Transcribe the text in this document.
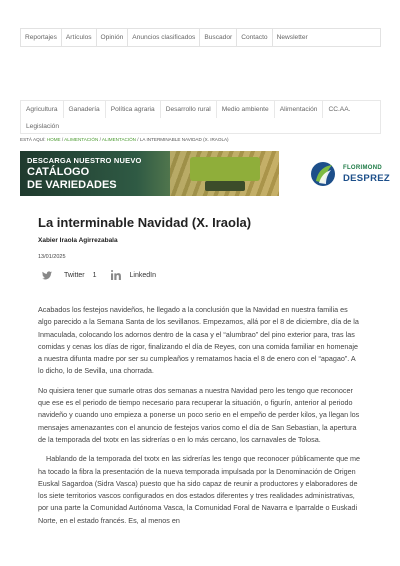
Reportajes	Artículos	Opinión	Anuncios clasificados	Buscador	Contacto	Newsletter
Agricultura	Ganadería	Política agraria	Desarrollo rural	Medio ambiente	Alimentación	CC.AA.
Legislación
ESTÁ AQUÍ: HOME / ALIMENTACIÓN / ALIMENTACIÓN / LA INTERMINABLE NAVIDAD (X. IRAOLA)
DESCARGA NUESTRO NUEVO
CATÁLOGO
DE VARIEDADES
FLORIMOND
DESPREZ
La interminable Navidad (X. Iraola)
Xabier Iraola Agirrezabala
13/01/2025
Twitter 1	LinkedIn

Acabados los festejos navideños, he llegado a la conclusión que la Navidad en nuestra familia es algo parecido a la Semana Santa de los sevillanos. Empezamos, allá por el 8 de diciembre, día de la Inmaculada, colocando los adornos dentro de la casa y el “alumbrao” del pino exterior para, tras las comidas y cenas los días de rigor, finalizando el día de Reyes, con una comida familiar en homenaje a nuestra difunta madre por ser su cumpleaños y rematamos hacia el 8 de enero con el “apagao”. A lo dicho, lo de Sevilla, una chorrada.

No quisiera tener que sumarle otras dos semanas a nuestra Navidad pero les tengo que reconocer que ese es el periodo de tiempo necesario para recuperar la situación, o figurín, anterior al periodo navideño y cuando uno empieza a ponerse un poco serio en el empeño de perder kilos, ya llegan los mensajes amenazantes con el anuncio de festejos varios como el día de San Sebastian, la apertura de la temporada del txotx en las sidrerías o en lo más cercano, los carnavales de Tolosa.

Hablando de la temporada del txotx en las sidrerías les tengo que reconocer públicamente que me ha tocado la fibra la presentación de la nueva temporada impulsada por la Denominación de Origen Euskal Sagardoa (Sidra Vasca) puesto que ha sido capaz de reunir a productores y elaboradores de los siete territorios vascos configurados en dos estados diferentes y tres realidades administrativas, por una parte la Comunidad Autónoma Vasca, la Comunidad Foral de Navarra e Iparralde o Euskadi Norte, en el estado francés. Es, al menos en
